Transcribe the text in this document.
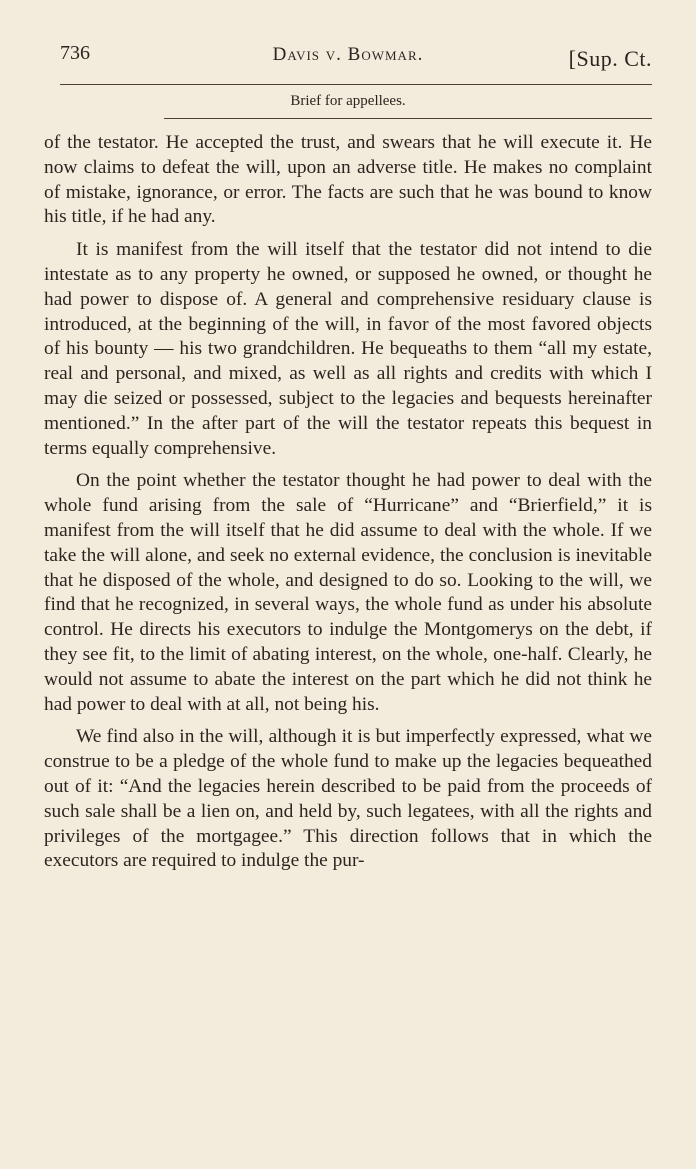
736	Davis v. Bowmar.	[Sup. Ct.
Brief for appellees.

of the testator. He accepted the trust, and swears that he will execute it. He now claims to defeat the will, upon an adverse title. He makes no complaint of mistake, ignorance, or error. The facts are such that he was bound to know his title, if he had any.

It is manifest from the will itself that the testator did not intend to die intestate as to any property he owned, or supposed he owned, or thought he had power to dispose of. A general and comprehensive residuary clause is introduced, at the beginning of the will, in favor of the most favored objects of his bounty — his two grandchildren. He bequeaths to them “all my estate, real and personal, and mixed, as well as all rights and credits with which I may die seized or possessed, subject to the legacies and bequests hereinafter mentioned.” In the after part of the will the testator repeats this bequest in terms equally comprehensive.

On the point whether the testator thought he had power to deal with the whole fund arising from the sale of “Hurricane” and “Brierfield,” it is manifest from the will itself that he did assume to deal with the whole. If we take the will alone, and seek no external evidence, the conclusion is inevitable that he disposed of the whole, and designed to do so. Looking to the will, we find that he recognized, in several ways, the whole fund as under his absolute control. He directs his executors to indulge the Montgomerys on the debt, if they see fit, to the limit of abating interest, on the whole, one-half. Clearly, he would not assume to abate the interest on the part which he did not think he had power to deal with at all, not being his.

We find also in the will, although it is but imperfectly expressed, what we construe to be a pledge of the whole fund to make up the legacies bequeathed out of it: “And the legacies herein described to be paid from the proceeds of such sale shall be a lien on, and held by, such legatees, with all the rights and privileges of the mortgagee.” This direction follows that in which the executors are required to indulge the pur-
